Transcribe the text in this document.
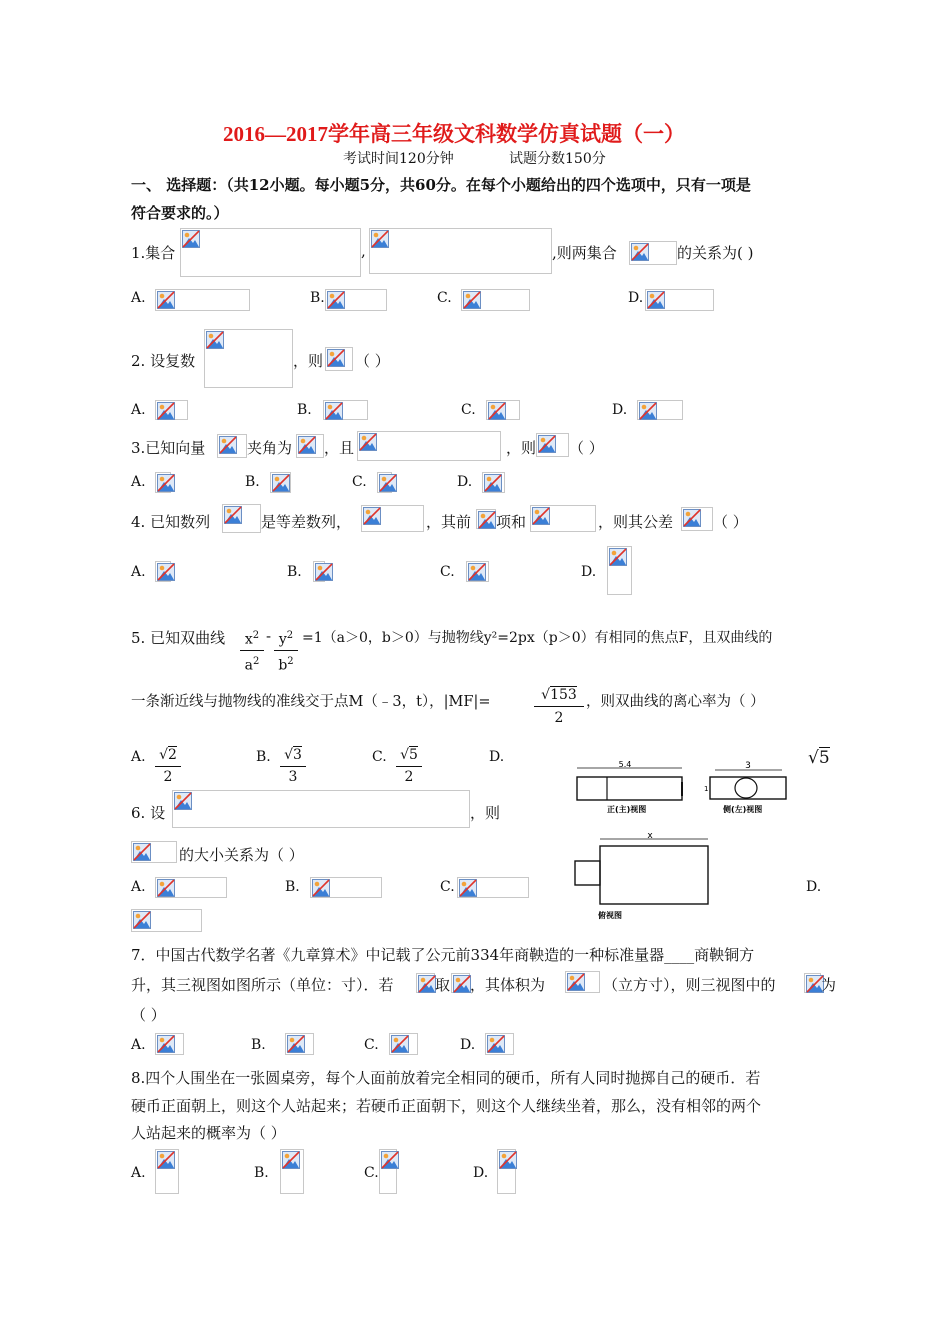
2016—2017学年高三年级文科数学仿真试题（一）
考试时间120分钟	试题分数150分
一、 选择题：（共12小题。每小题5分，共60分。在每个小题给出的四个选项中，只有一项是
符合要求的。）
1.集合	,	,则两集合	的关系为( )
A.	B.	C.	D.
2. 设复数	，则 （ ）
A.	B.	C.	D.
3.已知向量	夹角为 ，且	，则 （ ）
A.	B.	C.	D.
4. 已知数列	是等差数列，	，其前 项和	，则其公差	（ ）
A.	B.	C.	D.
5. 已知双曲线 $\frac{x^2}{a^2} - \frac{y^2}{b^2} =1(a>0$，b＞0）与抛物线y²=2px（p＞0）有相同的焦点F，且双曲线的
一条渐近线与抛物线的准线交于点M（﹣3，t），|MF|=	$\frac{√153}{2}$ ，则双曲线的离心率为（ ）
A. $\frac{√2}{2}$	B. $\frac{√3}{3}$	C. $\frac{√5}{2}$	D.	√5
5.4
正(主)视图
3
1
侧(左)视图
x
俯视图
6. 设	，则
的大小关系为（ ）
A.	B.	C.	D.
7．中国古代数学名著《九章算术》中记载了公元前334年商鞅造的一种标准量器____商鞅铜方
升，其三视图如图所示（单位：寸）．若	取 ，其体积为	（立方寸），则三视图中的	为
（ ）
A.	B.	C.	D.
8.四个人围坐在一张圆桌旁，每个人面前放着完全相同的硬币，所有人同时抛掷自己的硬币．若
硬币正面朝上，则这个人站起来；若硬币正面朝下，则这个人继续坐着，那么，没有相邻的两个
人站起来的概率为（ ）
A.	B.	C.	D.
